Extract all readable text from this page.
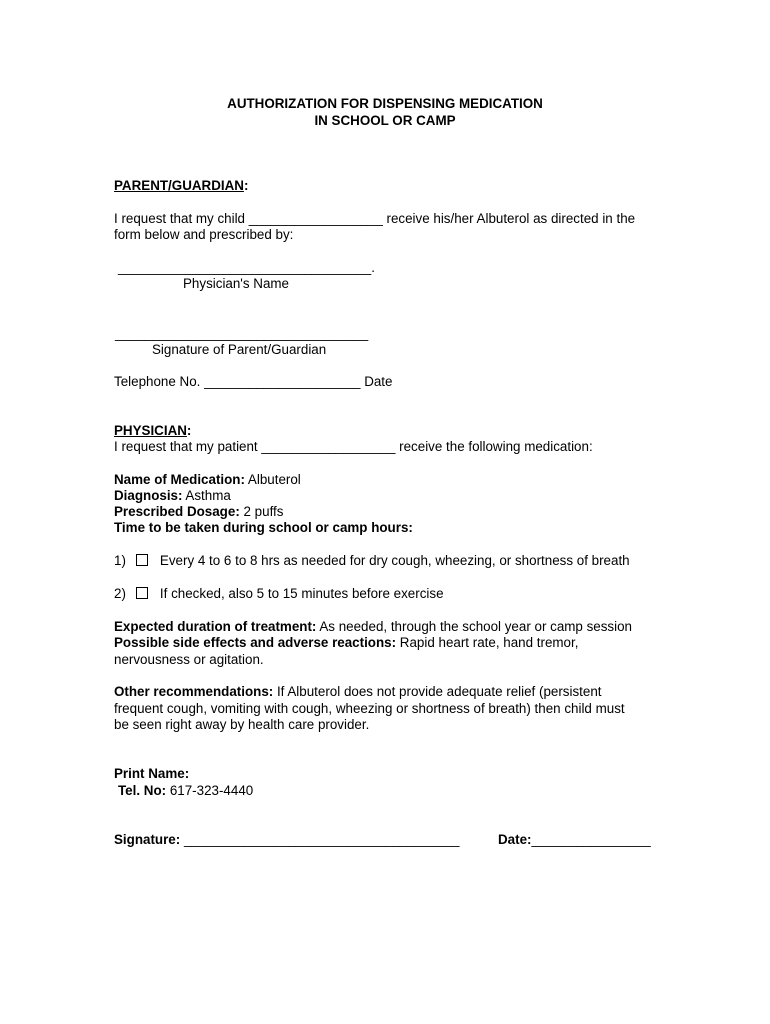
AUTHORIZATION FOR DISPENSING MEDICATION
IN SCHOOL OR CAMP
PARENT/GUARDIAN:
I request that my child __________________ receive his/her Albuterol as directed in the
form below and prescribed by:
__________________________________.
Physician's Name
__________________________________
Signature of Parent/Guardian
Telephone No. _____________________ Date
PHYSICIAN:
I request that my patient __________________ receive the following medication:
Name of Medication: Albuterol
Diagnosis: Asthma
Prescribed Dosage: 2 puffs
Time to be taken during school or camp hours:
1)	Every 4 to 6 to 8 hrs as needed for dry cough, wheezing, or shortness of breath
2)	If checked, also 5 to 15 minutes before exercise
Expected duration of treatment: As needed, through the school year or camp session
Possible side effects and adverse reactions: Rapid heart rate, hand tremor,
nervousness or agitation.
Other recommendations: If Albuterol does not provide adequate relief (persistent
frequent cough, vomiting with cough, wheezing or shortness of breath) then child must
be seen right away by health care provider.
Print Name:
Tel. No: 617-323-4440
Signature: _____________________________________	Date:________________
